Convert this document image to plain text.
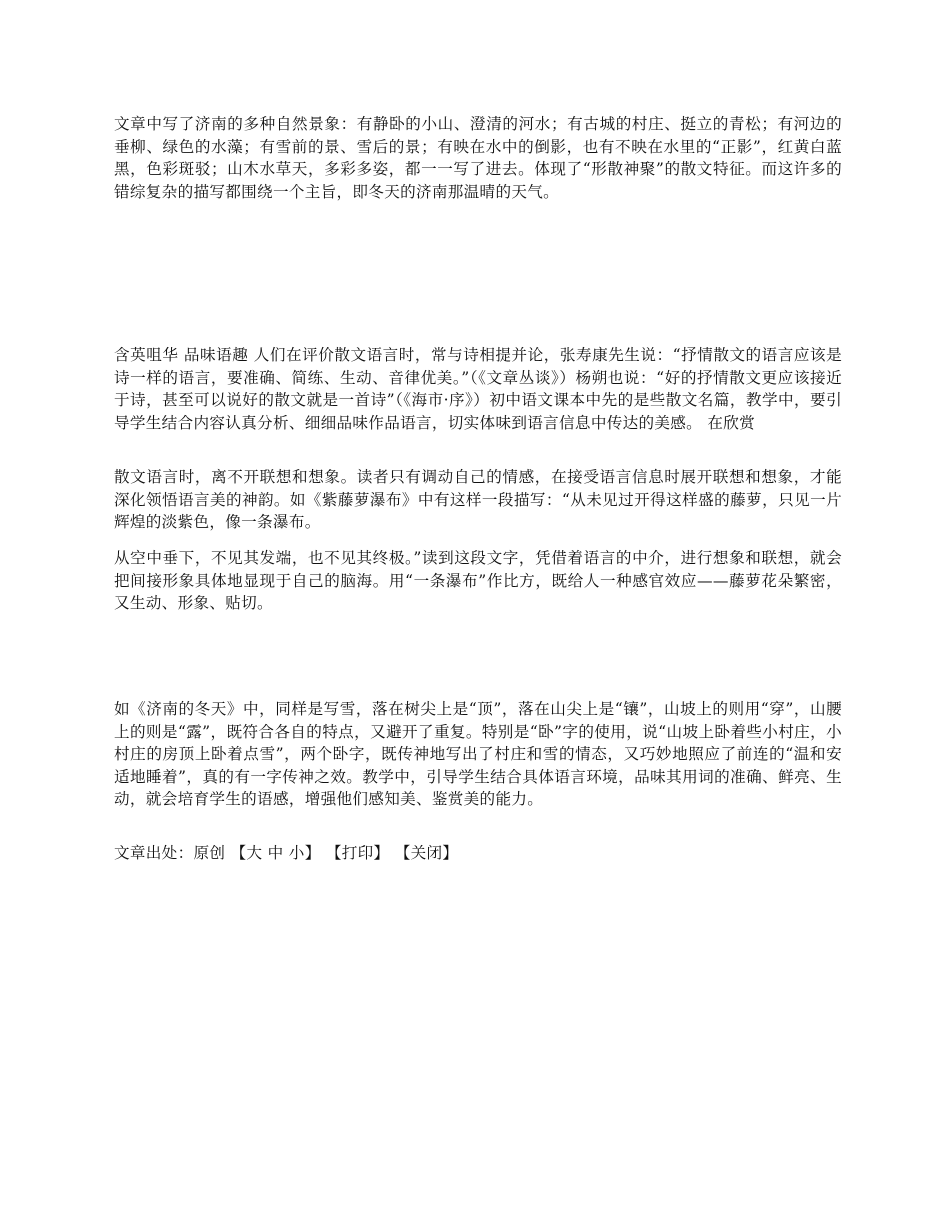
文章中写了济南的多种自然景象：有静卧的小山、澄清的河水；有古城的村庄、挺立的青松；有河边的垂柳、绿色的水藻；有雪前的景、雪后的景；有映在水中的倒影，也有不映在水里的“正影”，红黄白蓝黑，色彩斑驳；山木水草天，多彩多姿，都一一写了进去。体现了“形散神聚”的散文特征。而这许多的错综复杂的描写都围绕一个主旨，即冬天的济南那温晴的天气。

含英咀华 品味语趣 人们在评价散文语言时，常与诗相提并论，张寿康先生说：“抒情散文的语言应该是诗一样的语言，要准确、简练、生动、音律优美。”（《文章丛谈》）杨朔也说：“好的抒情散文更应该接近于诗，甚至可以说好的散文就是一首诗”（《海市·序》）初中语文课本中先的是些散文名篇，教学中，要引导学生结合内容认真分析、细细品味作品语言，切实体味到语言信息中传达的美感。 在欣赏

散文语言时，离不开联想和想象。读者只有调动自己的情感，在接受语言信息时展开联想和想象，才能深化领悟语言美的神韵。如《紫藤萝瀑布》中有这样一段描写：“从未见过开得这样盛的藤萝，只见一片辉煌的淡紫色，像一条瀑布。

从空中垂下，不见其发端，也不见其终极。”读到这段文字，凭借着语言的中介，进行想象和联想，就会把间接形象具体地显现于自己的脑海。用“一条瀑布”作比方，既给人一种感官效应——藤萝花朵繁密，又生动、形象、贴切。

如《济南的冬天》中，同样是写雪，落在树尖上是“顶”，落在山尖上是“镶”，山坡上的则用“穿”，山腰上的则是“露”，既符合各自的特点，又避开了重复。特别是“卧”字的使用，说“山坡上卧着些小村庄，小村庄的房顶上卧着点雪”，两个卧字，既传神地写出了村庄和雪的情态，又巧妙地照应了前连的“温和安适地睡着”，真的有一字传神之效。教学中，引导学生结合具体语言环境，品味其用词的准确、鲜亮、生动，就会培育学生的语感，增强他们感知美、鉴赏美的能力。

文章出处：原创 【大 中 小】 【打印】 【关闭】
